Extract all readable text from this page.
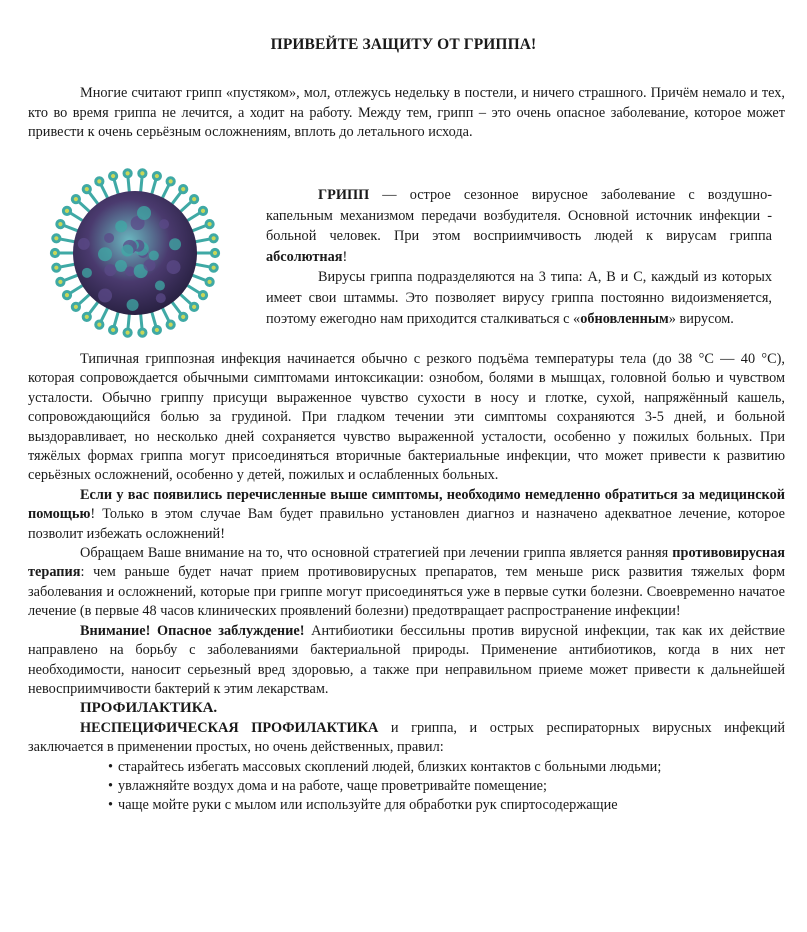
ПРИВЕЙТЕ ЗАЩИТУ ОТ ГРИППА!

Многие считают грипп «пустяком», мол, отлежусь недельку в постели, и ничего страшного. Причём немало и тех, кто во время гриппа не лечится, а ходит на работу. Между тем, грипп – это очень опасное заболевание, которое может привести к очень серьёзным осложнениям, вплоть до летального исхода.

ГРИПП — острое сезонное вирусное заболевание с воздушно-капельным механизмом передачи возбудителя. Основной источник инфекции - больной человек. При этом восприимчивость людей к вирусам гриппа абсолютная!

Вирусы гриппа подразделяются на 3 типа: А, В и С, каждый из которых имеет свои штаммы. Это позволяет вирусу гриппа постоянно видоизменяется, поэтому ежегодно нам приходится сталкиваться с «обновленным» вирусом.

Типичная гриппозная инфекция начинается обычно с резкого подъёма температуры тела (до 38 °С — 40 °С), которая сопровождается обычными симптомами интоксикации: ознобом, болями в мышцах, головной болью и чувством усталости. Обычно гриппу присущи выраженное чувство сухости в носу и глотке, сухой, напряжённый кашель, сопровождающийся болью за грудиной. При гладком течении эти симптомы сохраняются 3-5 дней, и больной выздоравливает, но несколько дней сохраняется чувство выраженной усталости, особенно у пожилых больных. При тяжёлых формах гриппа могут присоединяться вторичные бактериальные инфекции, что может привести к развитию серьёзных осложнений, особенно у детей, пожилых и ослабленных больных.

Если у вас появились перечисленные выше симптомы, необходимо немедленно обратиться за медицинской помощью! Только в этом случае Вам будет правильно установлен диагноз и назначено адекватное лечение, которое позволит избежать осложнений!

Обращаем Ваше внимание на то, что основной стратегией при лечении гриппа является ранняя противовирусная терапия: чем раньше будет начат прием противовирусных препаратов, тем меньше риск развития тяжелых форм заболевания и осложнений, которые при гриппе могут присоединяться уже в первые сутки болезни. Своевременно начатое лечение (в первые 48 часов клинических проявлений болезни) предотвращает распространение инфекции!

Внимание! Опасное заблуждение! Антибиотики бессильны против вирусной инфекции, так как их действие направлено на борьбу с заболеваниями бактериальной природы. Применение антибиотиков, когда в них нет необходимости, наносит серьезный вред здоровью, а также при неправильном приеме может привести к дальнейшей невосприимчивости бактерий к этим лекарствам.

ПРОФИЛАКТИКА.

НЕСПЕЦИФИЧЕСКАЯ ПРОФИЛАКТИКА и гриппа, и острых респираторных вирусных инфекций заключается в применении простых, но очень действенных, правил:

• старайтесь избегать массовых скоплений людей, близких контактов с больными людьми;

• увлажняйте воздух дома и на работе, чаще проветривайте помещение;

• чаще мойте руки с мылом или используйте для обработки рук спиртосодержащие
